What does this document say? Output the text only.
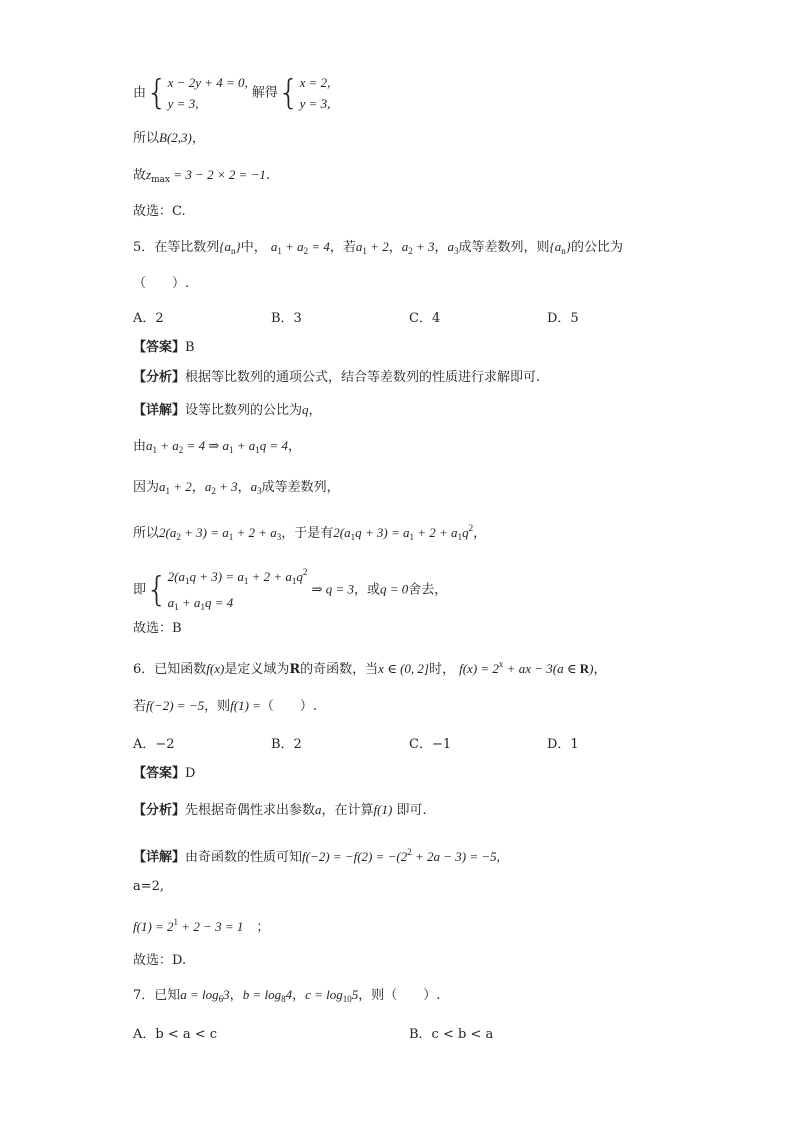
由{x − 2y + 4 = 0,
y = 3, 解得{x = 2,
y = 3,
所以B(2,3)，
故$z_{max} = 3 - 2 \times 2 = -1$.
故选：C.
5．在等比数列$\{a_n\}$中， $a_1 + a_2 = 4$，若$a_1 + 2$，$a_2 + 3$，$a_3$成等差数列，则$\{a_n\}$的公比为
（　　）.
A．2	B．3	C．4	D．5
【答案】B
【分析】根据等比数列的通项公式，结合等差数列的性质进行求解即可.
【详解】设等比数列的公比为q，
由$a_1 + a_2 = 4$ ⇒ $a_1 + a_1q = 4$，
因为$a_1 + 2$，$a_2 + 3$，$a_3$成等差数列，
所以$2(a_2 + 3) = a_1 + 2 + a_3$，于是有$2(a_1q + 3) = a_1 + 2 + a_1q^2$，
即{$2(a_1q + 3) = a_1 + 2 + a_1q^2$
$a_1 + a_1q = 4$ ⇒ q = 3，或q = 0舍去，
故选：B
6．已知函数f(x)是定义域为R的奇函数，当x ∈ (0, 2]时， $f(x) = 2^x$ + ax − 3(a ∈ R)，
若f(−2) = −5，则f(1) =（　　）.
A．−2	B．2	C．−1	D．1
【答案】D
【分析】先根据奇偶性求出参数a，在计算f(1) 即可.
【详解】由奇函数的性质可知$f(-2) = -f(2) = -(2^2 + 2a - 3) = -5$,
a=2,
$f(1) = 2^1 + 2 - 3 = 1$　；
故选：D.
7．已知$a = \log_63$，$b = \log_84$，$c = \log_{10}5$，则（　　）.
A．b < a < c	B．c < b < a
